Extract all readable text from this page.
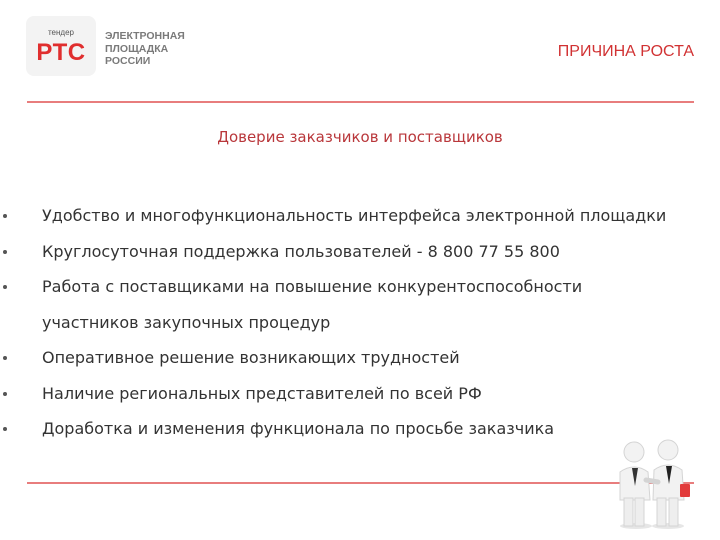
тендер
РТС
ЭЛЕКТРОННАЯ
ПЛОЩАДКА
РОССИИ
ПРИЧИНА РОСТА
Доверие заказчиков и поставщиков
Удобство и многофункциональность интерфейса электронной площадки
Круглосуточная поддержка пользователей - 8 800 77 55 800
Работа с поставщиками на повышение конкурентоспособности участников закупочных процедур
Оперативное решение возникающих трудностей
Наличие региональных представителей по всей РФ
Доработка и изменения функционала по просьбе заказчика
